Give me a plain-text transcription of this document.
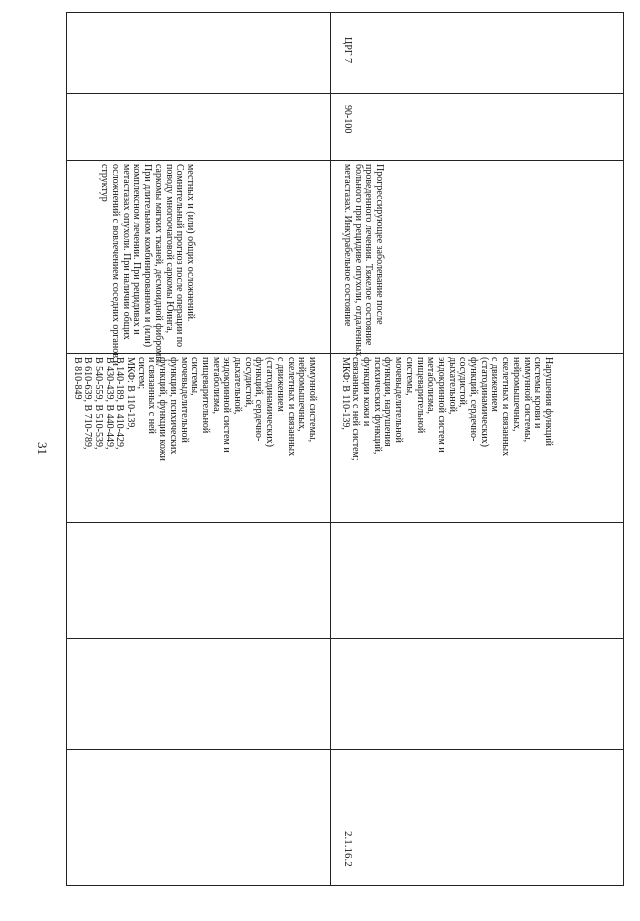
31
иммунной системы,
нейромышечных,
скелетных и связанных
с движением
(статодинамических)
функций, сердечно-
сосудистой,
дыхательной,
эндокринной систем и
метаболизма,
пищеварительной
системы,
мочевыделительной
функции, психических
функций, функции кожи
и связанных с ней
систем;
МКФ: В 110-139,
В 140-189, В 410-429,
В 430-439, В 440-449,
В 540-559, В 510-539,
В 610-639, В 710-789,
В 810-849
местных и (или) общих осложнений.
Сомнительный прогноз после операции по
поводу многоочаговой саркомы Юинга,
саркомы мягких тканей, десмоидной фибромы.
При длительном комбинированном и (или)
комплексном лечении. При рецидивах и
метастазах опухоли. При наличии общих
осложнений с вовлечением соседних органов и
структур
2.1.16.2
Нарушения функций
системы крови и
иммунной системы,
нейромышечных,
скелетных и связанных
с движением
(статодинамических)
функций, сердечно-
сосудистой,
дыхательной,
эндокринной систем и
метаболизма,
пищеварительной
системы,
мочевыделительной
функции, нарушения
психических функций,
функции кожи и
связанных с ней систем;
МКФ: В 110-139,
Прогрессирующее заболевание после
проведенного лечения. Тяжелое состояние
больного при рецидиве опухоли, отдаленных
метастазах. Инкурабельное состояние
90-100
ЦРГ 7
